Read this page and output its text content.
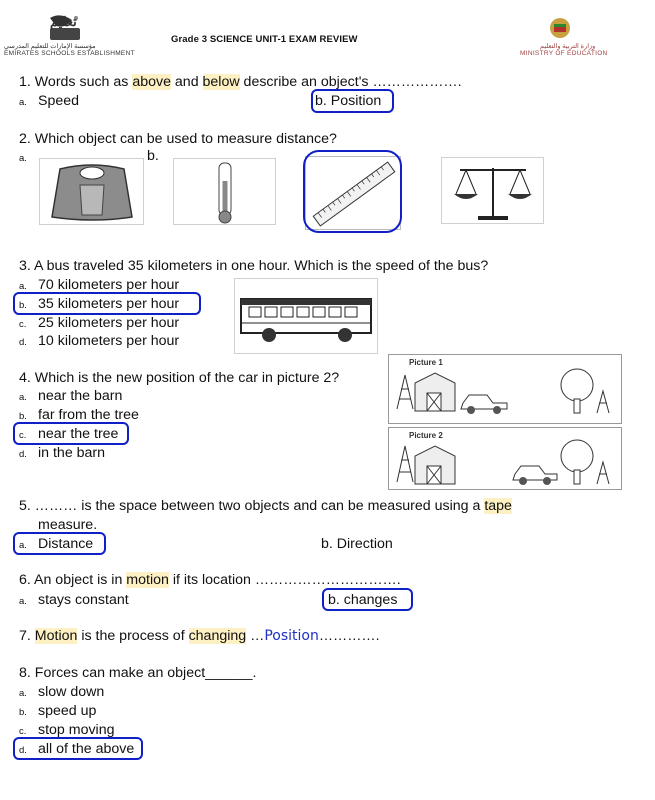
تعليم
مؤسسة الإمارات للتعليم المدرسي
EMIRATES SCHOOLS ESTABLISHMENT
Grade 3 SCIENCE UNIT-1 EXAM REVIEW
وزارة التربية والتعليم
MINISTRY OF EDUCATION
1. Words such as above and below describe an object's ……………….
a. Speed	b. Position
2. Which object can be used to measure distance?
a.	b.
3. A bus traveled 35 kilometers in one hour. Which is the speed of the bus?
a. 70 kilometers per hour
b. 35 kilometers per hour
c. 25 kilometers per hour
d. 10 kilometers per hour
4. Which is the new position of the car in picture 2?
a. near the barn
b. far from the tree
c. near the tree
d. in the barn
Picture 1
Picture 2
5. ……… is the space between two objects and can be measured using a tape
measure.
a. Distance	b. Direction
6. An object is in motion if its location ………………………….
a. stays constant	b. changes
7. Motion is the process of changing …Position………….
8. Forces can make an object______.
a. slow down
b. speed up
c. stop moving
d. all of the above
